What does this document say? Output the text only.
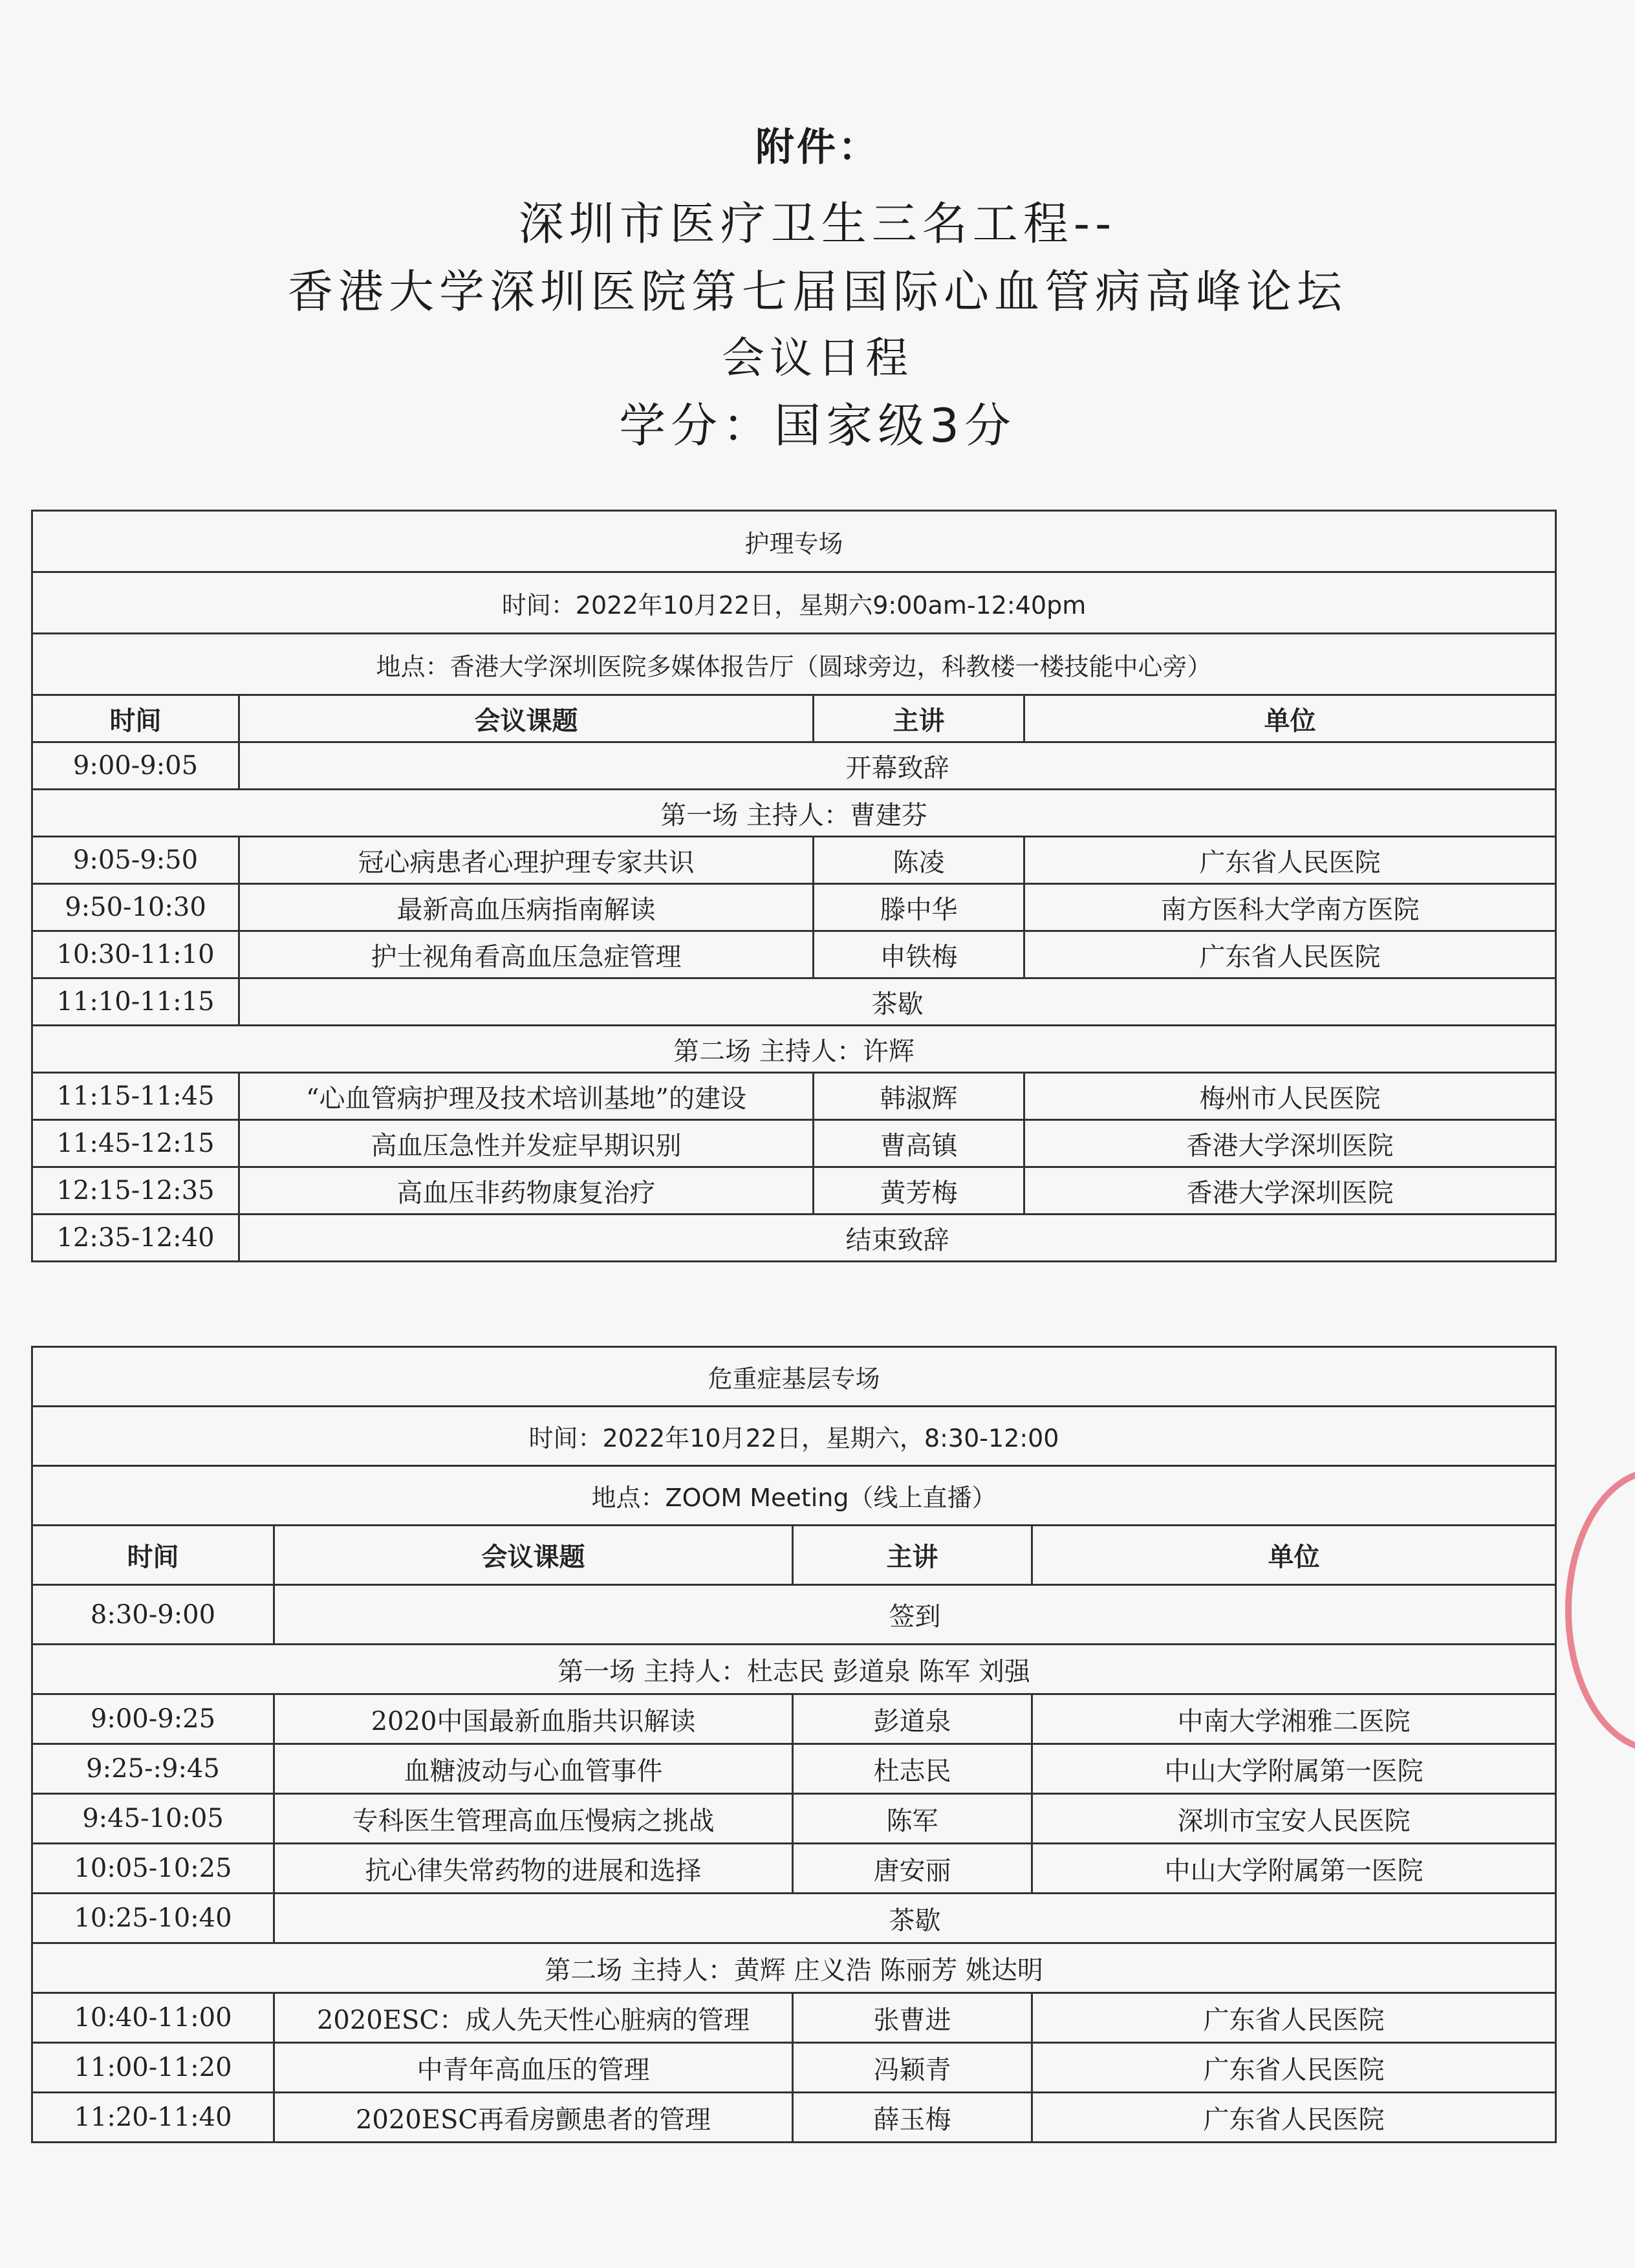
附件：
深圳市医疗卫生三名工程--
香港大学深圳医院第七届国际心血管病高峰论坛
会议日程
学分：国家级3分
护理专场			
时间：2022年10月22日，星期六9:00am-12:40pm			
地点：香港大学深圳医院多媒体报告厅（圆球旁边，科教楼一楼技能中心旁）			
时间	会议课题	主讲	单位
9:00-9:05	开幕致辞		
第一场 主持人：曹建芬			
9:05-9:50	冠心病患者心理护理专家共识	陈凌	广东省人民医院
9:50-10:30	最新高血压病指南解读	滕中华	南方医科大学南方医院
10:30-11:10	护士视角看高血压急症管理	申铁梅	广东省人民医院
11:10-11:15	茶歇		
第二场 主持人：许辉			
11:15-11:45	“心血管病护理及技术培训基地”的建设	韩淑辉	梅州市人民医院
11:45-12:15	高血压急性并发症早期识别	曹高镇	香港大学深圳医院
12:15-12:35	高血压非药物康复治疗	黄芳梅	香港大学深圳医院
12:35-12:40	结束致辞		
危重症基层专场			
时间：2022年10月22日，星期六，8:30-12:00			
地点：ZOOM Meeting（线上直播）			
时间	会议课题	主讲	单位
8:30-9:00	签到		
第一场 主持人：杜志民 彭道泉 陈军 刘强			
9:00-9:25	2020中国最新血脂共识解读	彭道泉	中南大学湘雅二医院
9:25-:9:45	血糖波动与心血管事件	杜志民	中山大学附属第一医院
9:45-10:05	专科医生管理高血压慢病之挑战	陈军	深圳市宝安人民医院
10:05-10:25	抗心律失常药物的进展和选择	唐安丽	中山大学附属第一医院
10:25-10:40	茶歇		
第二场 主持人：黄辉 庄义浩 陈丽芳 姚达明			
10:40-11:00	2020ESC：成人先天性心脏病的管理	张曹进	广东省人民医院
11:00-11:20	中青年高血压的管理	冯颖青	广东省人民医院
11:20-11:40	2020ESC再看房颤患者的管理	薛玉梅	广东省人民医院
